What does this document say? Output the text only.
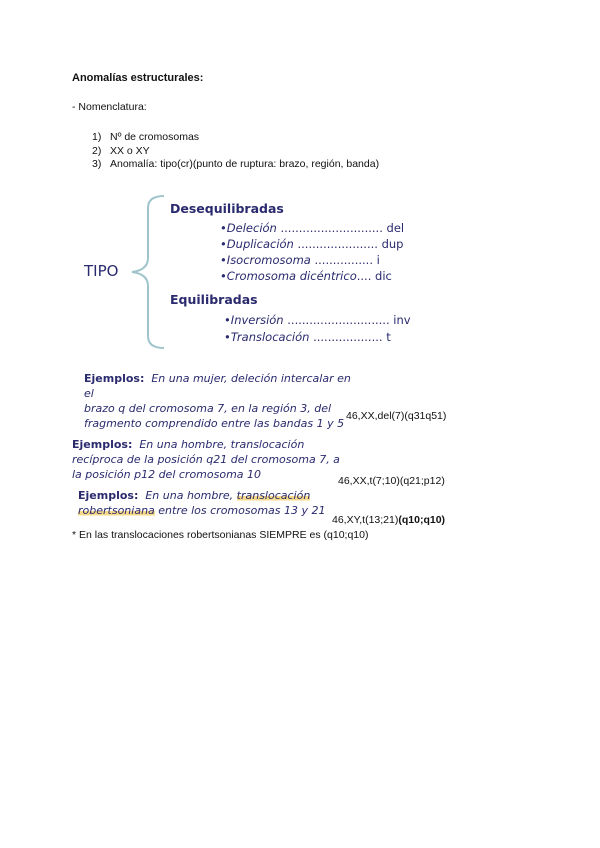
Anomalías estructurales:
- Nomenclatura:
1) Nº de cromosomas
2) XX o XY
3) Anomalía: tipo(cr)(punto de ruptura: brazo, región, banda)
TIPO
Desequilibradas
•Deleción ............................ del
•Duplicación ...................... dup
•Isocromosoma ................ i
•Cromosoma dicéntrico.... dic
Equilibradas
•Inversión ............................ inv
•Translocación ................... t
Ejemplos: En una mujer, deleción intercalar en el
brazo q del cromosoma 7, en la región 3, del
fragmento comprendido entre las bandas 1 y 5
46,XX,del(7)(q31q51)
Ejemplos: En una hombre, translocación
recíproca de la posición q21 del cromosoma 7, a
la posición p12 del cromosoma 10	46,XX,t(7;10)(q21;p12)
Ejemplos: En una hombre, translocación
robertsoniana entre los cromosomas 13 y 21
46,XY,t(13;21)(q10;q10)
* En las translocaciones robertsonianas SIEMPRE es (q10;q10)
